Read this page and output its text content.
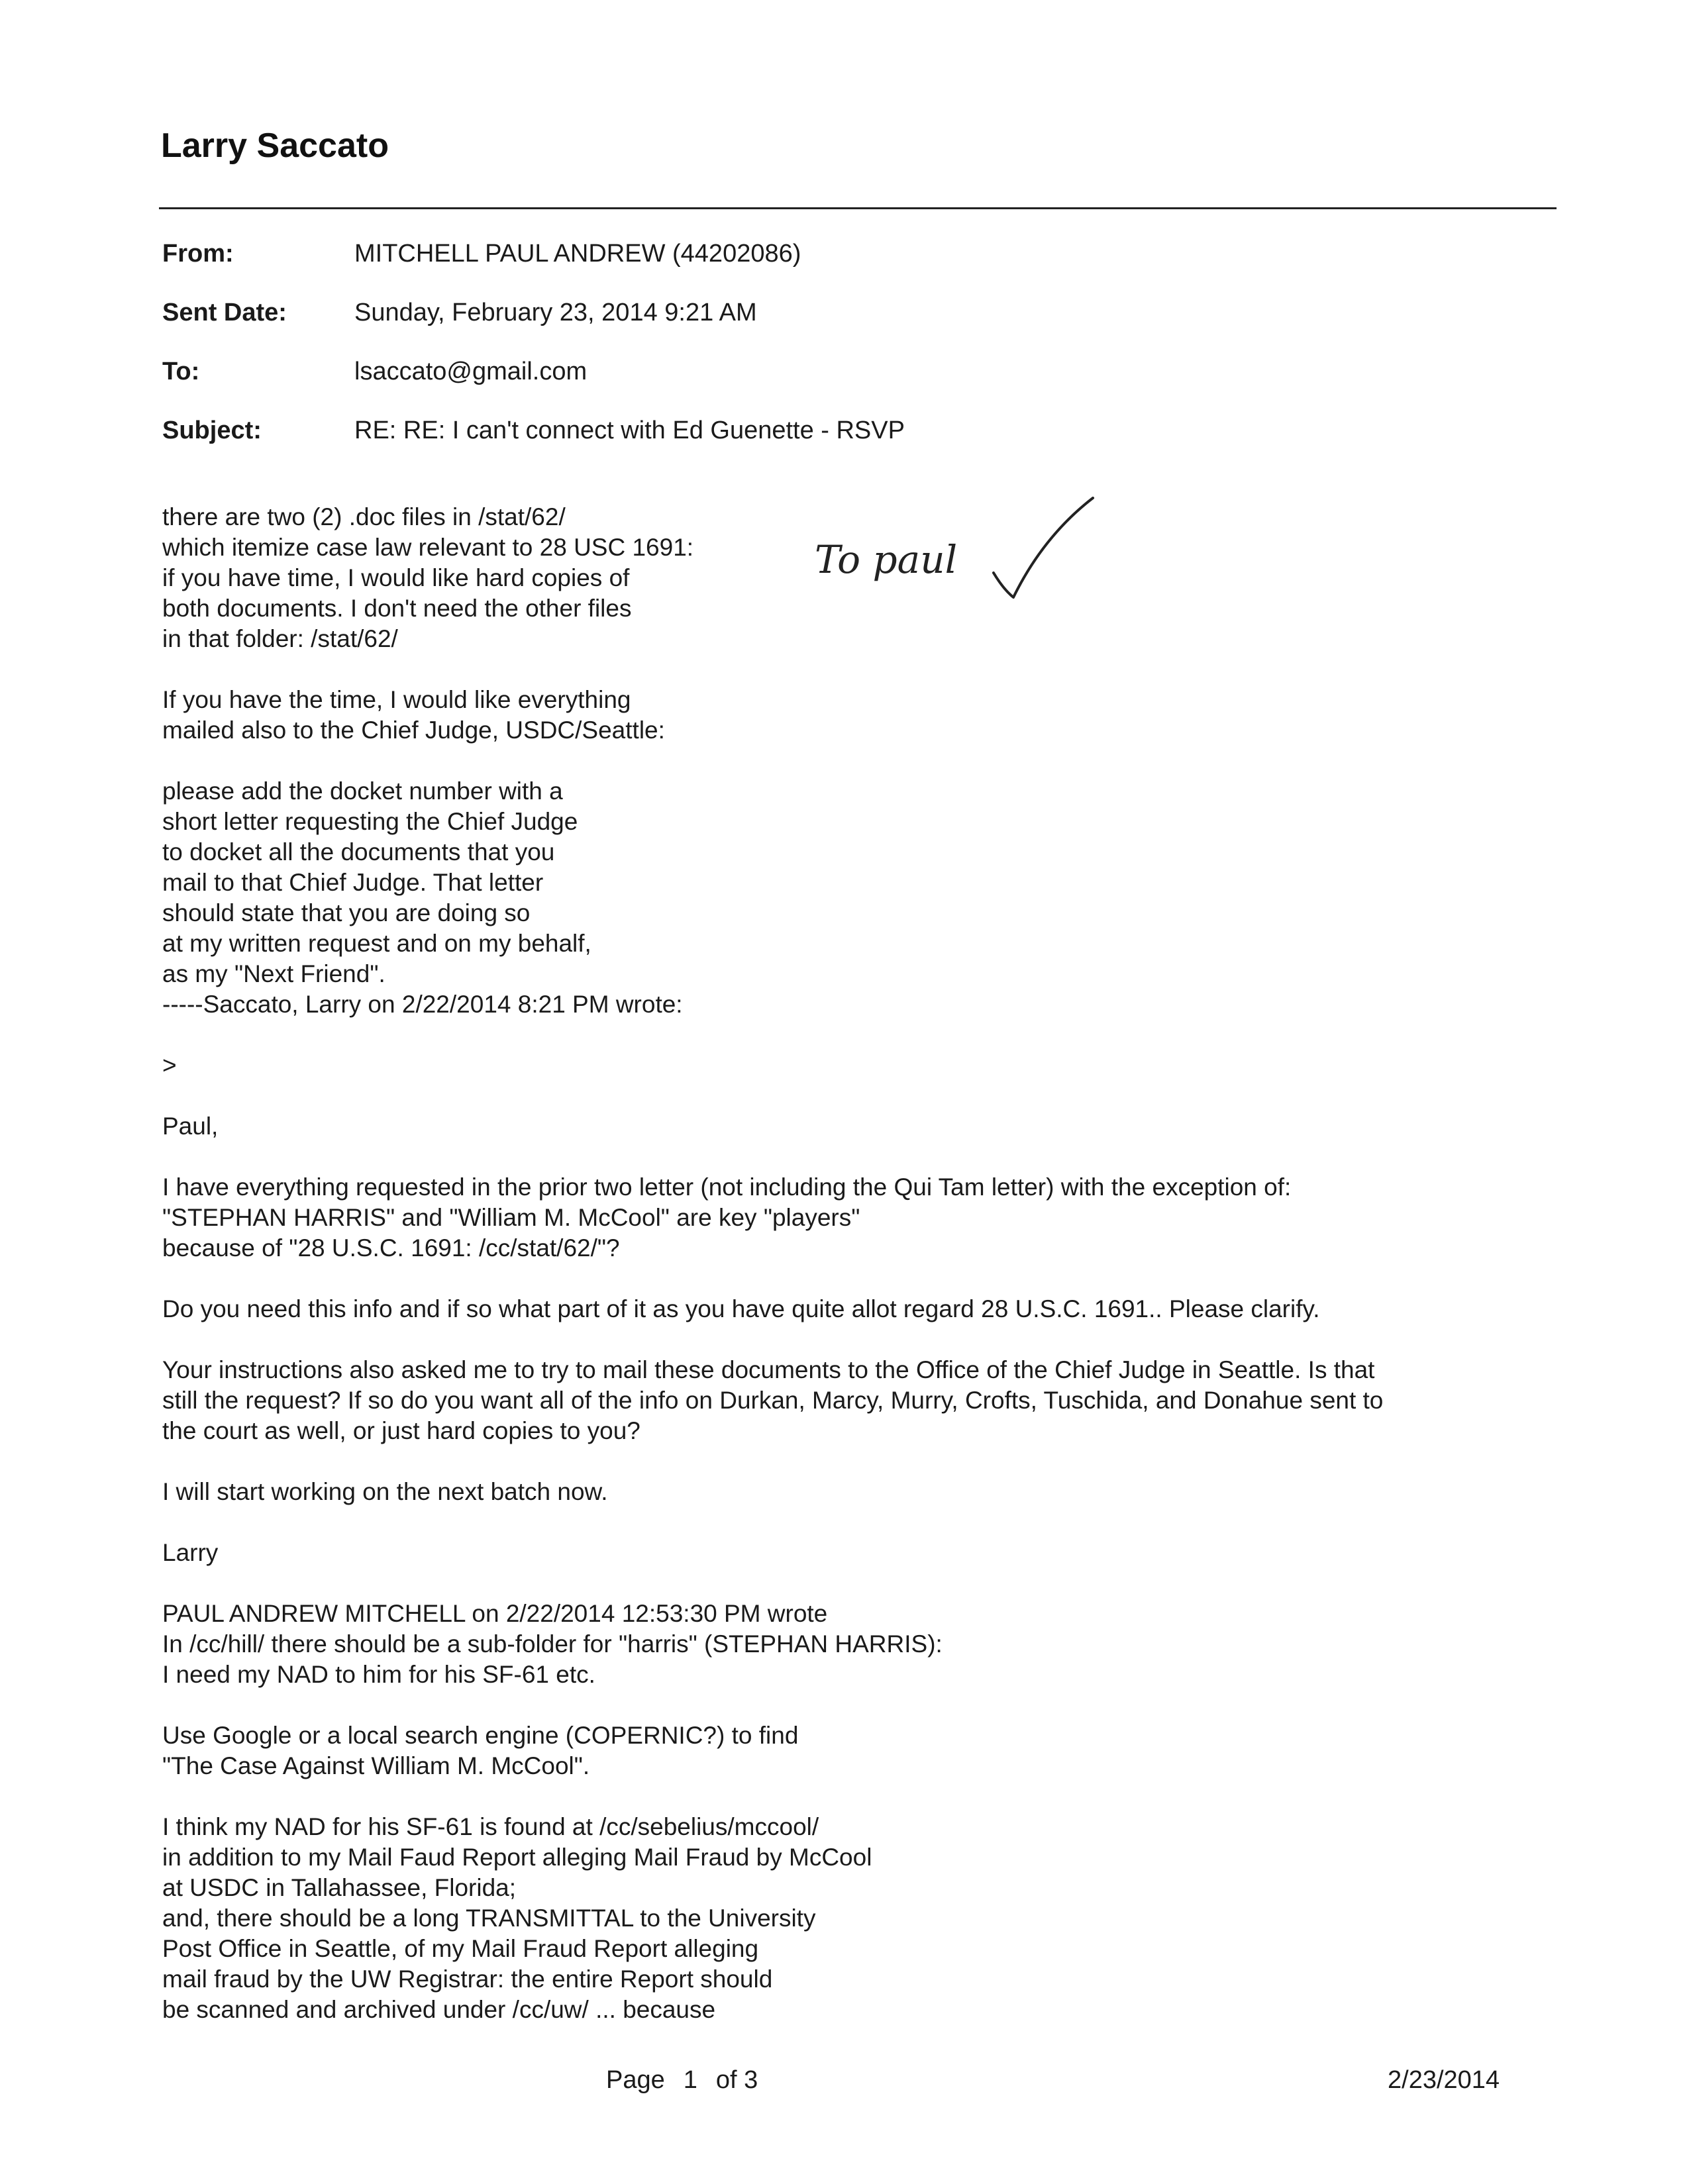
Larry Saccato
From:	MITCHELL PAUL ANDREW (44202086)
Sent Date:	Sunday, February 23, 2014 9:21 AM
To:	lsaccato@gmail.com
Subject:	RE: RE: I can't connect with Ed Guenette - RSVP
To paul
there are two (2) .doc files in /stat/62/
which itemize case law relevant to 28 USC 1691:
if you have time, I would like hard copies of
both documents. I don't need the other files
in that folder: /stat/62/
If you have the time, I would like everything
mailed also to the Chief Judge, USDC/Seattle:
please add the docket number with a
short letter requesting the Chief Judge
to docket all the documents that you
mail to that Chief Judge. That letter
should state that you are doing so
at my written request and on my behalf,
as my "Next Friend".
-----Saccato, Larry on 2/22/2014 8:21 PM wrote:
>
Paul,
I have everything requested in the prior two letter (not including the Qui Tam letter) with the exception of:
"STEPHAN HARRIS" and "William M. McCool" are key "players"
because of "28 U.S.C. 1691: /cc/stat/62/"?
Do you need this info and if so what part of it as you have quite allot regard 28 U.S.C. 1691.. Please clarify.
Your instructions also asked me to try to mail these documents to the Office of the Chief Judge in Seattle. Is that
still the request? If so do you want all of the info on Durkan, Marcy, Murry, Crofts, Tuschida, and Donahue sent to
the court as well, or just hard copies to you?
I will start working on the next batch now.
Larry
PAUL ANDREW MITCHELL on 2/22/2014 12:53:30 PM wrote
In /cc/hill/ there should be a sub-folder for "harris" (STEPHAN HARRIS):
I need my NAD to him for his SF-61 etc.
Use Google or a local search engine (COPERNIC?) to find
"The Case Against William M. McCool".
I think my NAD for his SF-61 is found at /cc/sebelius/mccool/
in addition to my Mail Faud Report alleging Mail Fraud by McCool
at USDC in Tallahassee, Florida;
and, there should be a long TRANSMITTAL to the University
Post Office in Seattle, of my Mail Fraud Report alleging
mail fraud by the UW Registrar: the entire Report should
be scanned and archived under /cc/uw/ ... because
Page 1 of 3	2/23/2014
